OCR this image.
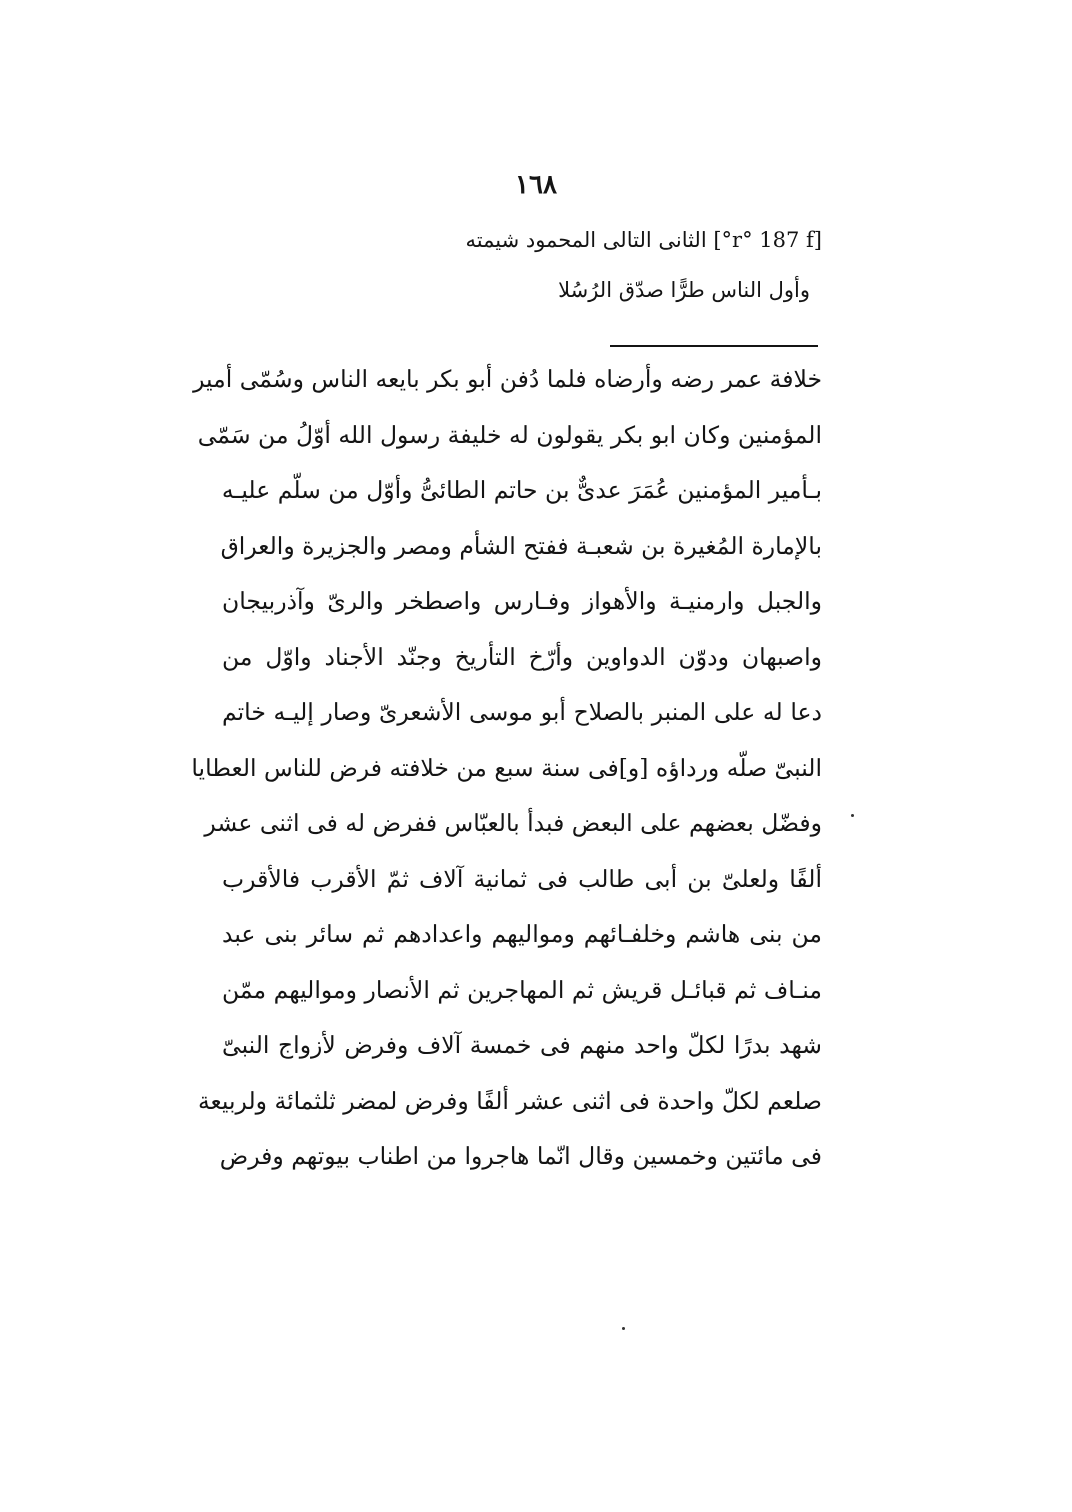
١٦٨
[r° 187 f°] الثانى التالى المحمود شيمته
وأول الناس طرًّا صدّق الرُسُلا
خلافة عمر رضه وأرضاه فلما دُفن أبو بكر بايعه الناس وسُمّى أمير
المؤمنين وكان ابو بكر يقولون له خليفة رسول الله أوّلُ من سَمّى
بـأمير المؤمنين عُمَرَ عدىٌّ بن حاتم الطائىُّ وأوّل من سلّم عليـه
بالإمارة المُغيرة بن شعبـة ففتح الشأم ومصر والجزيرة والعراق
والجبل وارمنيـة والأهواز وفـارس واصطخر والرىّ وآذربيجان
واصبهان ودوّن الدواوين وأرّخ التأريخ وجنّد الأجناد واوّل من
دعا له على المنبر بالصلاح أبو موسى الأشعرىّ وصار إليـه خاتم
النبىّ صلّه ورداؤه [و]فى سنة سبع من خلافته فرض للناس العطايا
وفضّل بعضهم على البعض فبدأ بالعبّاس ففرض له فى اثنى عشر
ألفًا ولعلىّ بن أبى طالب فى ثمانية آلاف ثمّ الأقرب فالأقرب
من بنى هاشم وخلفـائهم ومواليهم واعدادهم ثم سائر بنى عبد
منـاف ثم قبائـل قريش ثم المهاجرين ثم الأنصار ومواليهم ممّن
شهد بدرًا لكلّ واحد منهم فى خمسة آلاف وفرض لأزواج النبىّ
صلعم لكلّ واحدة فى اثنى عشر ألفًا وفرض لمضر ثلثمائة ولربيعة
فى مائتين وخمسين وقال انّما هاجروا من اطناب بيوتهم وفرض
